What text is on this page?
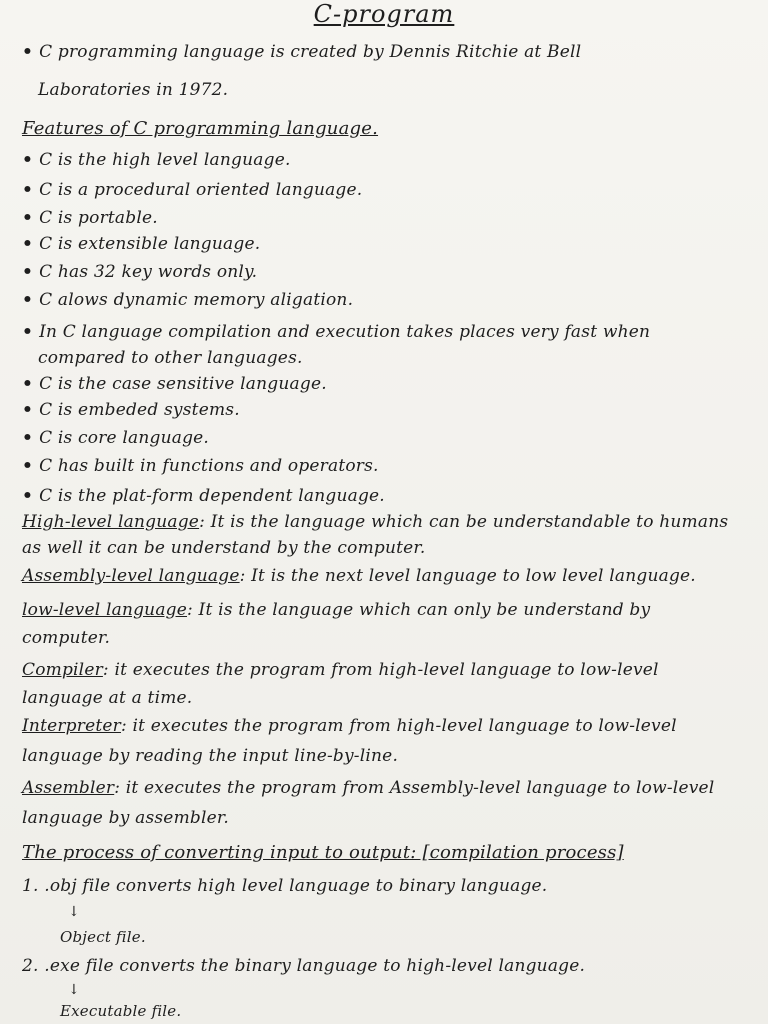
C-program
• C programming language is created by Dennis Ritchie at Bell
Laboratories in 1972.
Features of C programming language.
• C is the high level language.
• C is a procedural oriented language.
• C is portable.
• C is extensible language.
• C has 32 key words only.
• C alows dynamic memory aligation.
• In C language compilation and execution takes places very fast when
compared to other languages.
• C is the case sensitive language.
• C is embeded systems.
• C is core language.
• C has built in functions and operators.
• C is the plat-form dependent language.
High-level language: It is the language which can be understandable to humans
as well it can be understand by the computer.
Assembly-level language: It is the next level language to low level language.
low-level language: It is the language which can only be understand by
computer.
Compiler: it executes the program from high-level language to low-level
language at a time.
Interpreter: it executes the program from high-level language to low-level
language by reading the input line-by-line.
Assembler: it executes the program from Assembly-level language to low-level
language by assembler.
The process of converting input to output: [compilation process]
1. .obj file converts high level language to binary language.
↓
Object file.
2. .exe file converts the binary language to high-level language.
↓
Executable file.
